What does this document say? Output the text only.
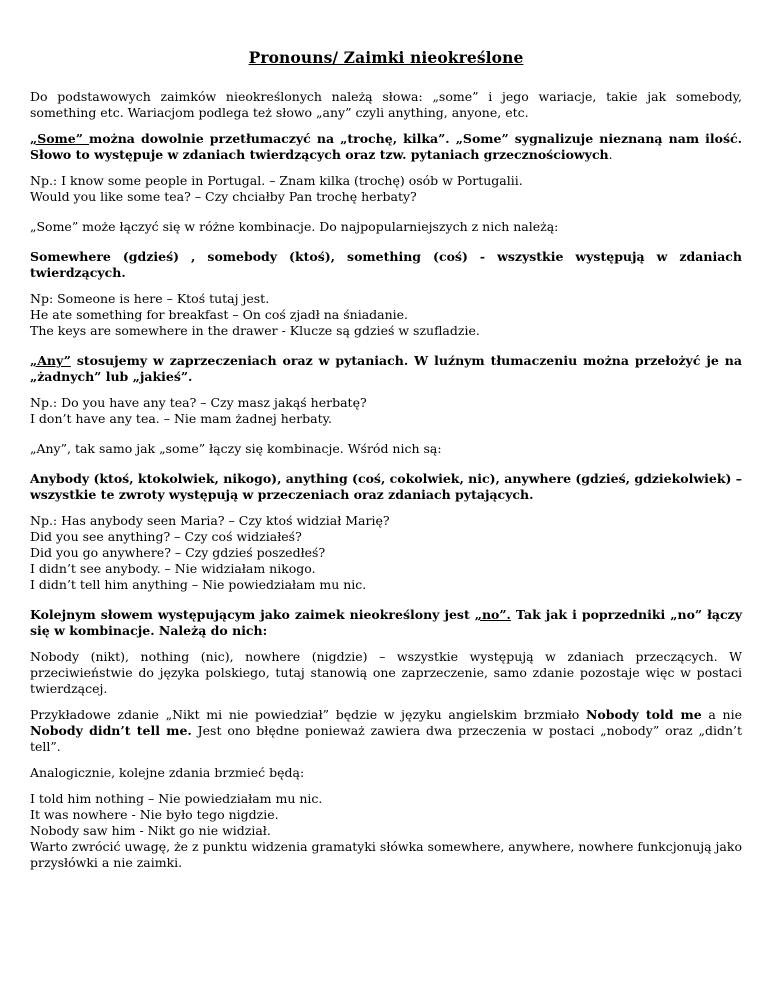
Pronouns/ Zaimki nieokreślone

Do podstawowych zaimków nieokreślonych należą słowa: „some” i jego wariacje, takie jak somebody, something etc. Wariacjom podlega też słowo „any” czyli anything, anyone, etc.

„Some” można dowolnie przetłumaczyć na „trochę, kilka”. „Some” sygnalizuje nieznaną nam ilość. Słowo to występuje w zdaniach twierdzących oraz tzw. pytaniach grzecznościowych.

Np.: I know some people in Portugal. – Znam kilka (trochę) osób w Portugalii.

Would you like some tea? – Czy chciałby Pan trochę herbaty?

„Some” może łączyć się w różne kombinacje. Do najpopularniejszych z nich należą:

Somewhere (gdzieś) , somebody (ktoś), something (coś) - wszystkie występują w zdaniach twierdzących.

Np: Someone is here – Ktoś tutaj jest.

He ate something for breakfast – On coś zjadł na śniadanie.

The keys are somewhere in the drawer - Klucze są gdzieś w szufladzie.

„Any” stosujemy w zaprzeczeniach oraz w pytaniach. W luźnym tłumaczeniu można przełożyć je na „żadnych” lub „jakieś”.

Np.: Do you have any tea? – Czy masz jakąś herbatę?

I don’t have any tea. – Nie mam żadnej herbaty.

„Any”, tak samo jak „some” łączy się kombinacje. Wśród nich są:

Anybody (ktoś, ktokolwiek, nikogo), anything (coś, cokolwiek, nic), anywhere (gdzieś, gdziekolwiek) – wszystkie te zwroty występują w przeczeniach oraz zdaniach pytających.

Np.: Has anybody seen Maria? – Czy ktoś widział Marię?

Did you see anything? – Czy coś widziałeś?

Did you go anywhere? – Czy gdzieś poszedłeś?

I didn’t see anybody. – Nie widziałam nikogo.

I didn’t tell him anything – Nie powiedziałam mu nic.

Kolejnym słowem występującym jako zaimek nieokreślony jest „no”. Tak jak i poprzedniki „no” łączy się w kombinacje. Należą do nich:

Nobody (nikt), nothing (nic), nowhere (nigdzie) – wszystkie występują w zdaniach przeczących. W przeciwieństwie do języka polskiego, tutaj stanowią one zaprzeczenie, samo zdanie pozostaje więc w postaci twierdzącej.

Przykładowe zdanie „Nikt mi nie powiedział” będzie w języku angielskim brzmiało Nobody told me a nie Nobody didn’t tell me. Jest ono błędne ponieważ zawiera dwa przeczenia w postaci „nobody” oraz „didn’t tell”.

Analogicznie, kolejne zdania brzmieć będą:

I told him nothing – Nie powiedziałam mu nic.

It was nowhere - Nie było tego nigdzie.

Nobody saw him - Nikt go nie widział.

Warto zwrócić uwagę, że z punktu widzenia gramatyki słówka somewhere, anywhere, nowhere funkcjonują jako przysłówki a nie zaimki.
